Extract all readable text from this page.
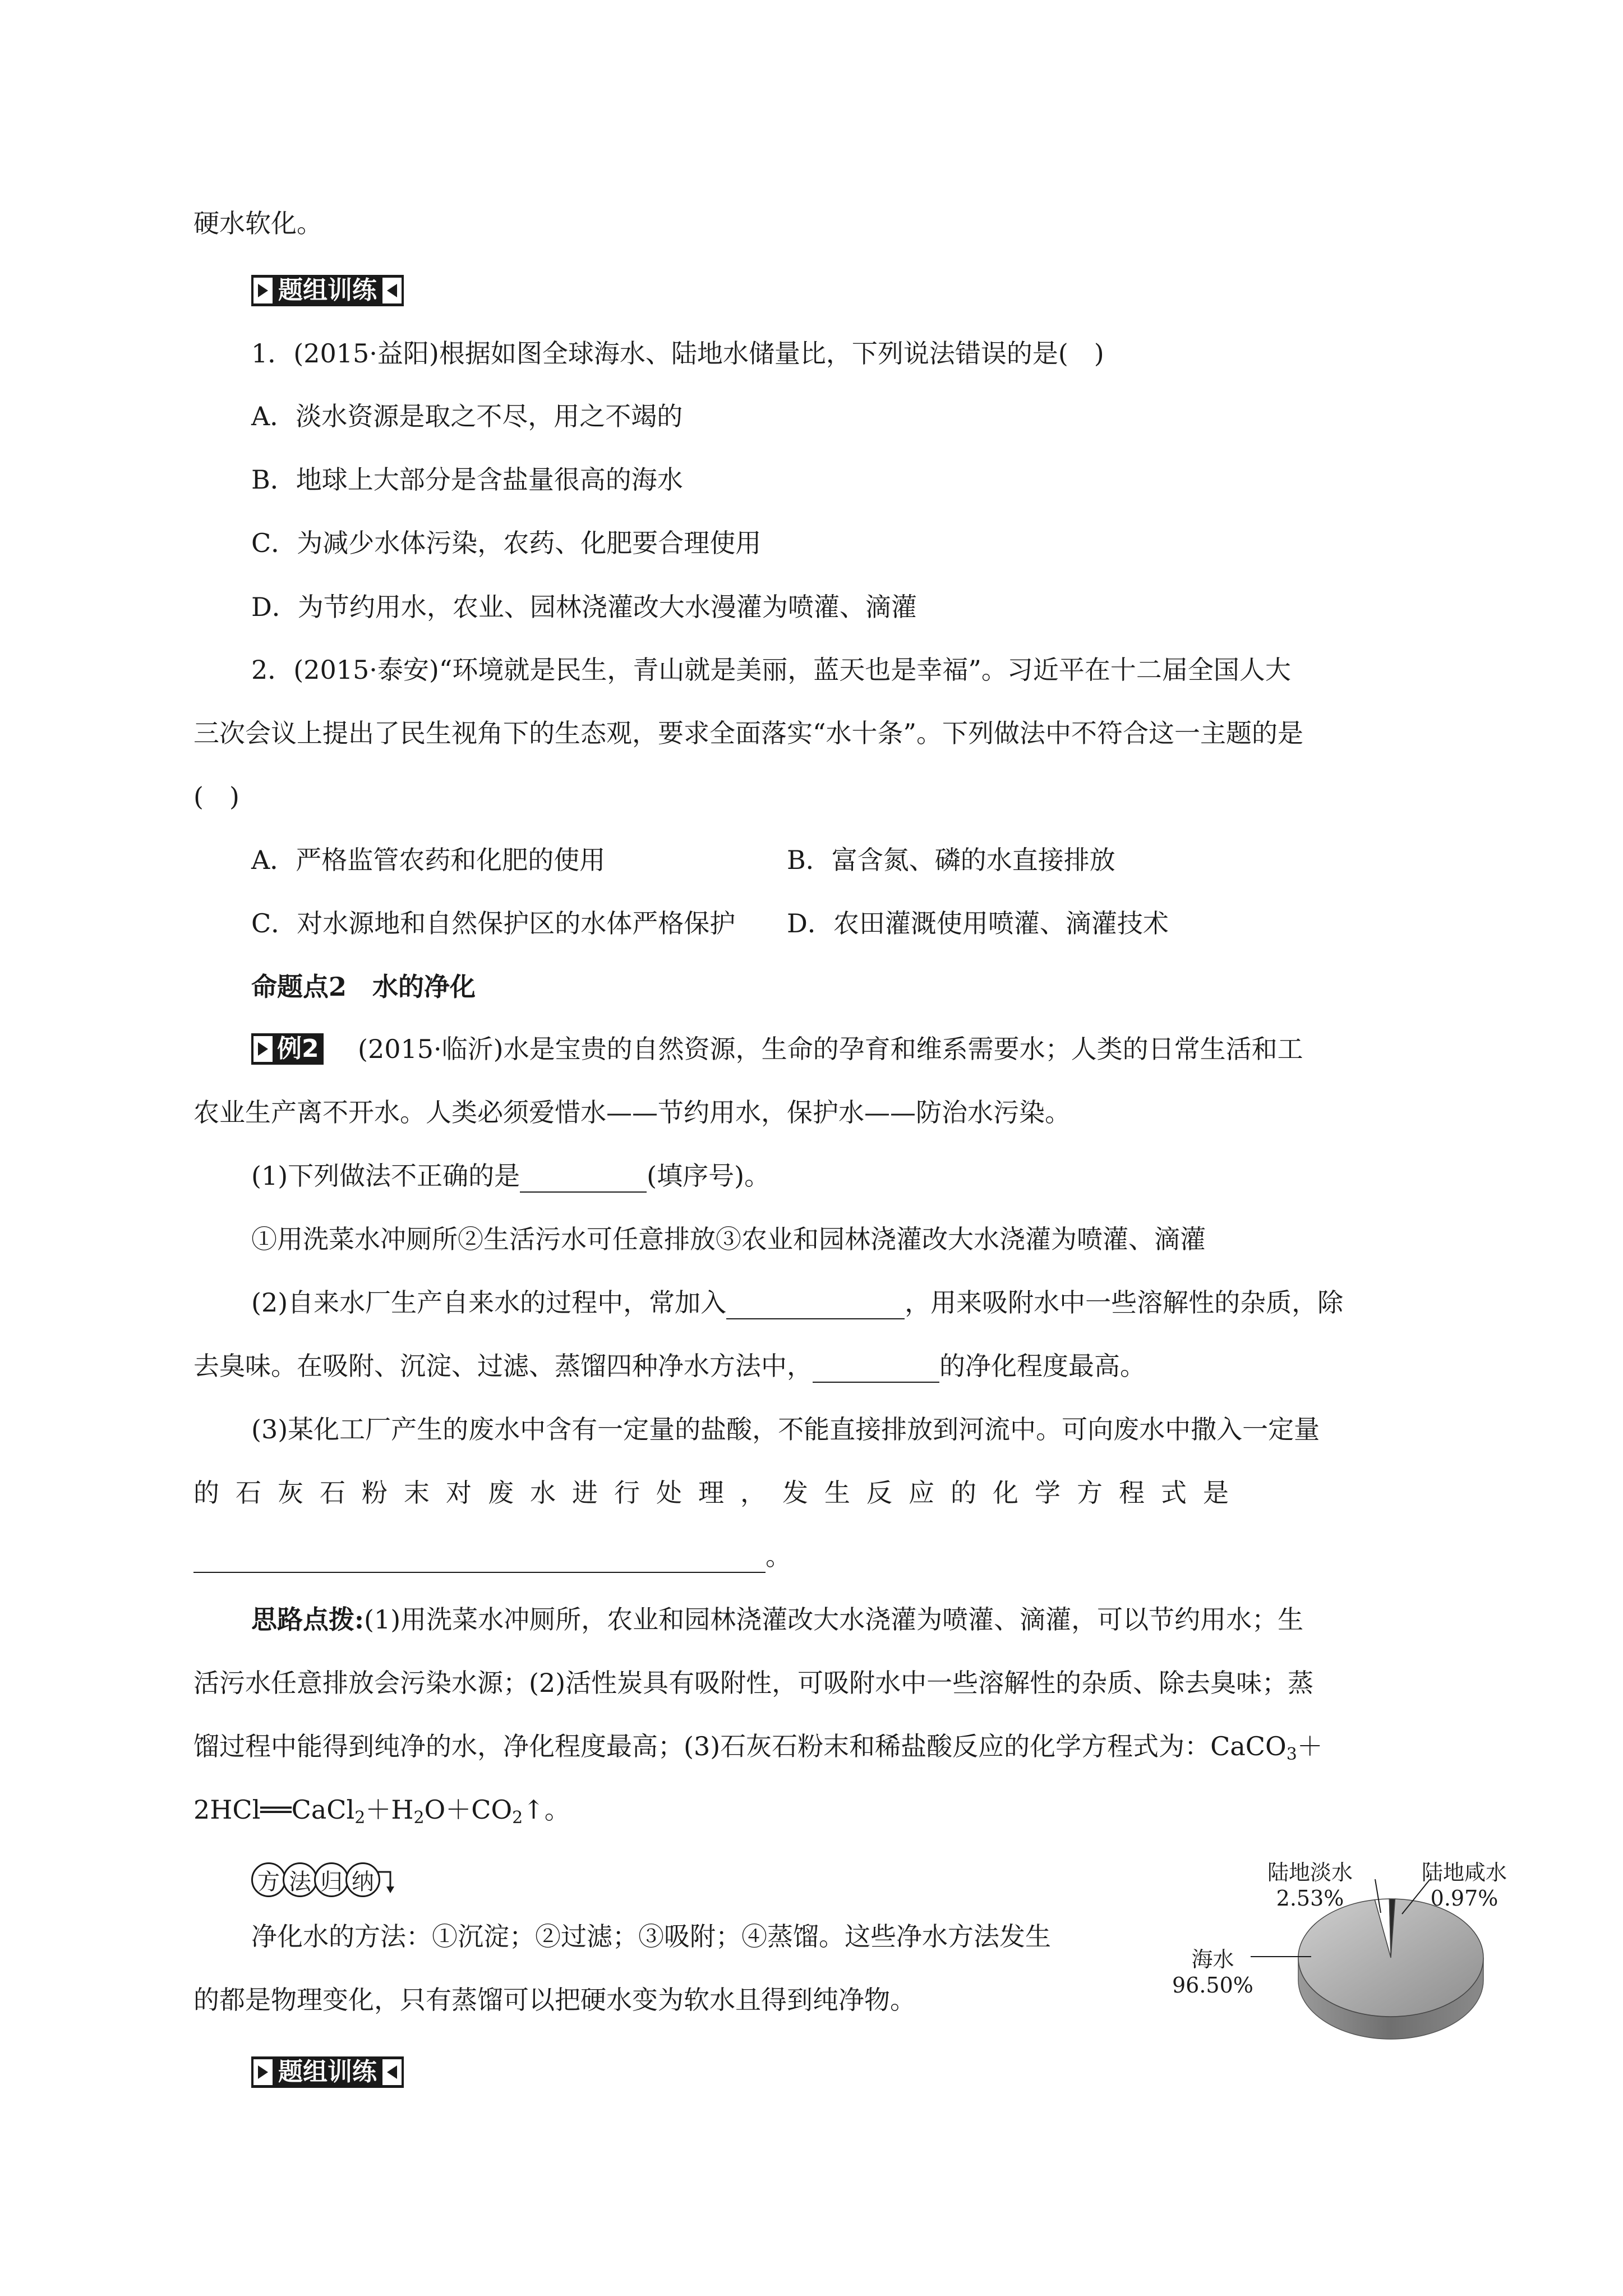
硬水软化。
题组训练
1．(2015·益阳)根据如图全球海水、陆地水储量比，下列说法错误的是(　)
A．淡水资源是取之不尽，用之不竭的
B．地球上大部分是含盐量很高的海水
C．为减少水体污染，农药、化肥要合理使用
D．为节约用水，农业、园林浇灌改大水漫灌为喷灌、滴灌
2．(2015·泰安)“环境就是民生，青山就是美丽，蓝天也是幸福”。习近平在十二届全国人大
三次会议上提出了民生视角下的生态观，要求全面落实“水十条”。下列做法中不符合这一主题的是
(　)
A．严格监管农药和化肥的使用	B．富含氮、磷的水直接排放
C．对水源地和自然保护区的水体严格保护 D．农田灌溉使用喷灌、滴灌技术
命题点2　水的净化
例2 (2015·临沂)水是宝贵的自然资源，生命的孕育和维系需要水；人类的日常生活和工
农业生产离不开水。人类必须爱惜水——节约用水，保护水——防治水污染。
(1)下列做法不正确的是	(填序号)。
①用洗菜水冲厕所②生活污水可任意排放③农业和园林浇灌改大水浇灌为喷灌、滴灌
(2)自来水厂生产自来水的过程中，常加入	，用来吸附水中一些溶解性的杂质，除
去臭味。在吸附、沉淀、过滤、蒸馏四种净水方法中，	的净化程度最高。
(3)某化工厂产生的废水中含有一定量的盐酸，不能直接排放到河流中。可向废水中撒入一定量
的石灰石粉末对废水进行处理，发生反应的化学方程式是
。
思路点拨:(1)用洗菜水冲厕所，农业和园林浇灌改大水浇灌为喷灌、滴灌，可以节约用水；生
活污水任意排放会污染水源；(2)活性炭具有吸附性，可吸附水中一些溶解性的杂质、除去臭味；蒸
馏过程中能得到纯净的水，净化程度最高；(3)石灰石粉末和稀盐酸反应的化学方程式为：CaCO$_3$＋
$2HCl══CaCl_2+H_2O+CO_2↑$。
方 法 归 纳
净化水的方法：①沉淀；②过滤；③吸附；④蒸馏。这些净水方法发生
的都是物理变化，只有蒸馏可以把硬水变为软水且得到纯净物。
题组训练
陆地淡水
2.53%
陆地咸水
0.97%
海水
96.50%
